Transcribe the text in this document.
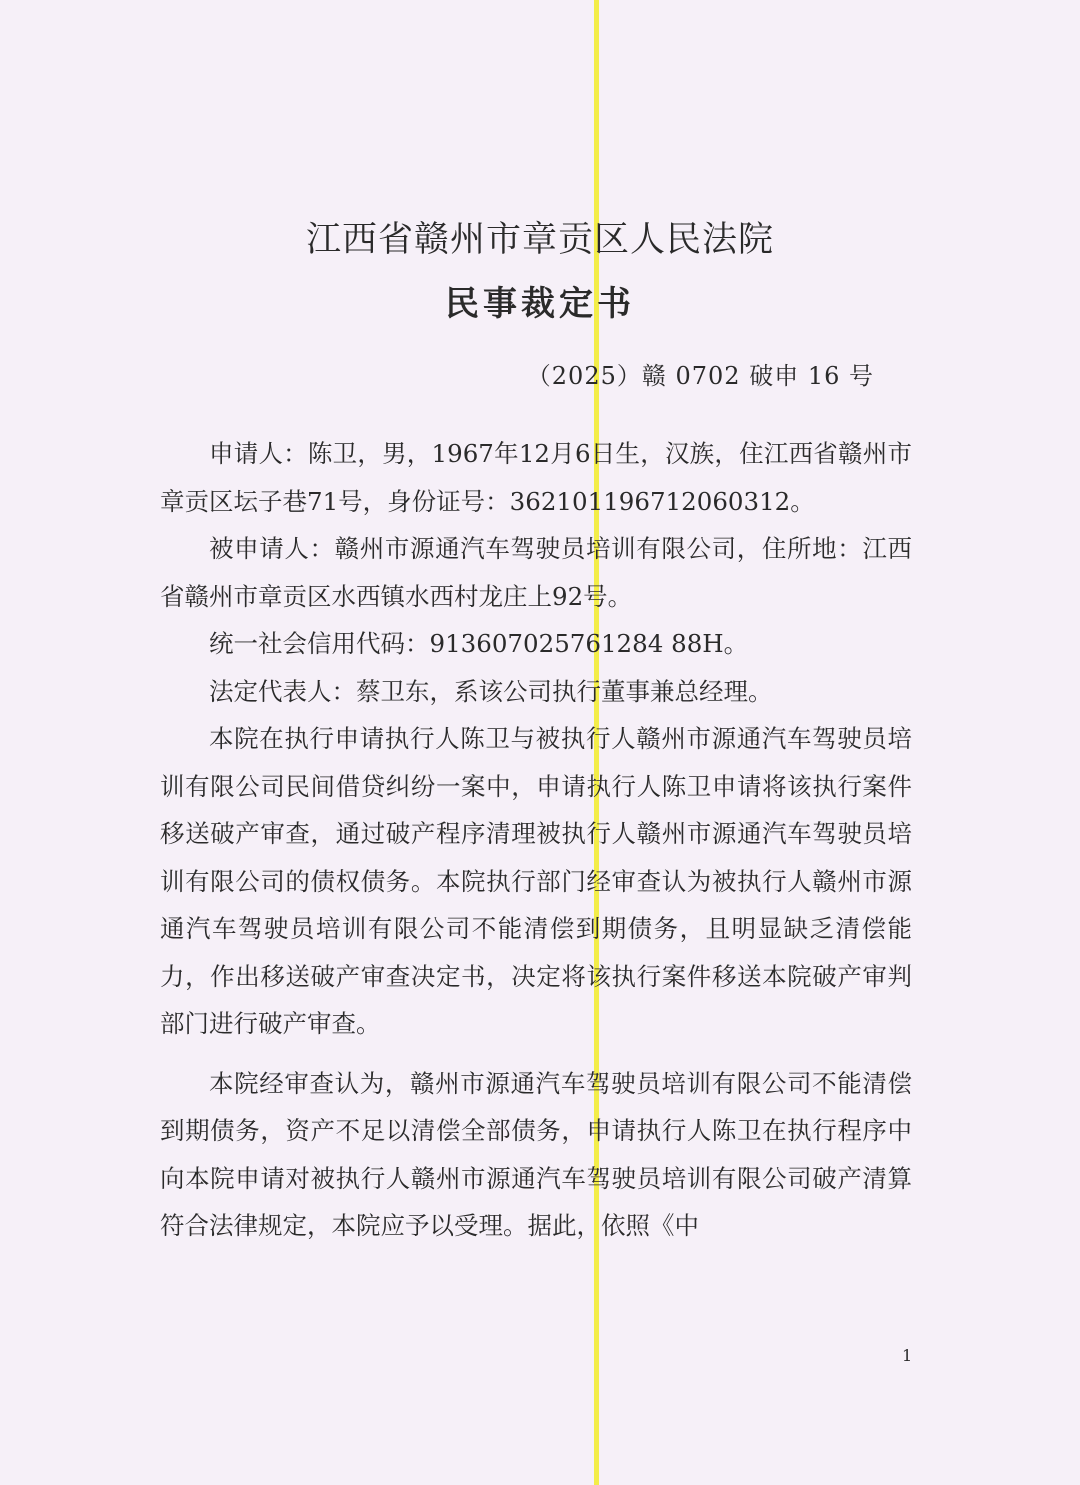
江西省赣州市章贡区人民法院
民事裁定书
（2025）赣 0702 破申 16 号

申请人：陈卫，男，1967年12月6日生，汉族，住江西省赣州市章贡区坛子巷71号，身份证号：362101196712060312。

被申请人：赣州市源通汽车驾驶员培训有限公司，住所地：江西省赣州市章贡区水西镇水西村龙庄上92号。

统一社会信用代码：913607025761284 88H。

法定代表人：蔡卫东，系该公司执行董事兼总经理。

本院在执行申请执行人陈卫与被执行人赣州市源通汽车驾驶员培训有限公司民间借贷纠纷一案中，申请执行人陈卫申请将该执行案件移送破产审查，通过破产程序清理被执行人赣州市源通汽车驾驶员培训有限公司的债权债务。本院执行部门经审查认为被执行人赣州市源通汽车驾驶员培训有限公司不能清偿到期债务，且明显缺乏清偿能力，作出移送破产审查决定书，决定将该执行案件移送本院破产审判部门进行破产审查。

本院经审查认为，赣州市源通汽车驾驶员培训有限公司不能清偿到期债务，资产不足以清偿全部债务，申请执行人陈卫在执行程序中向本院申请对被执行人赣州市源通汽车驾驶员培训有限公司破产清算符合法律规定，本院应予以受理。据此，依照《中

1
